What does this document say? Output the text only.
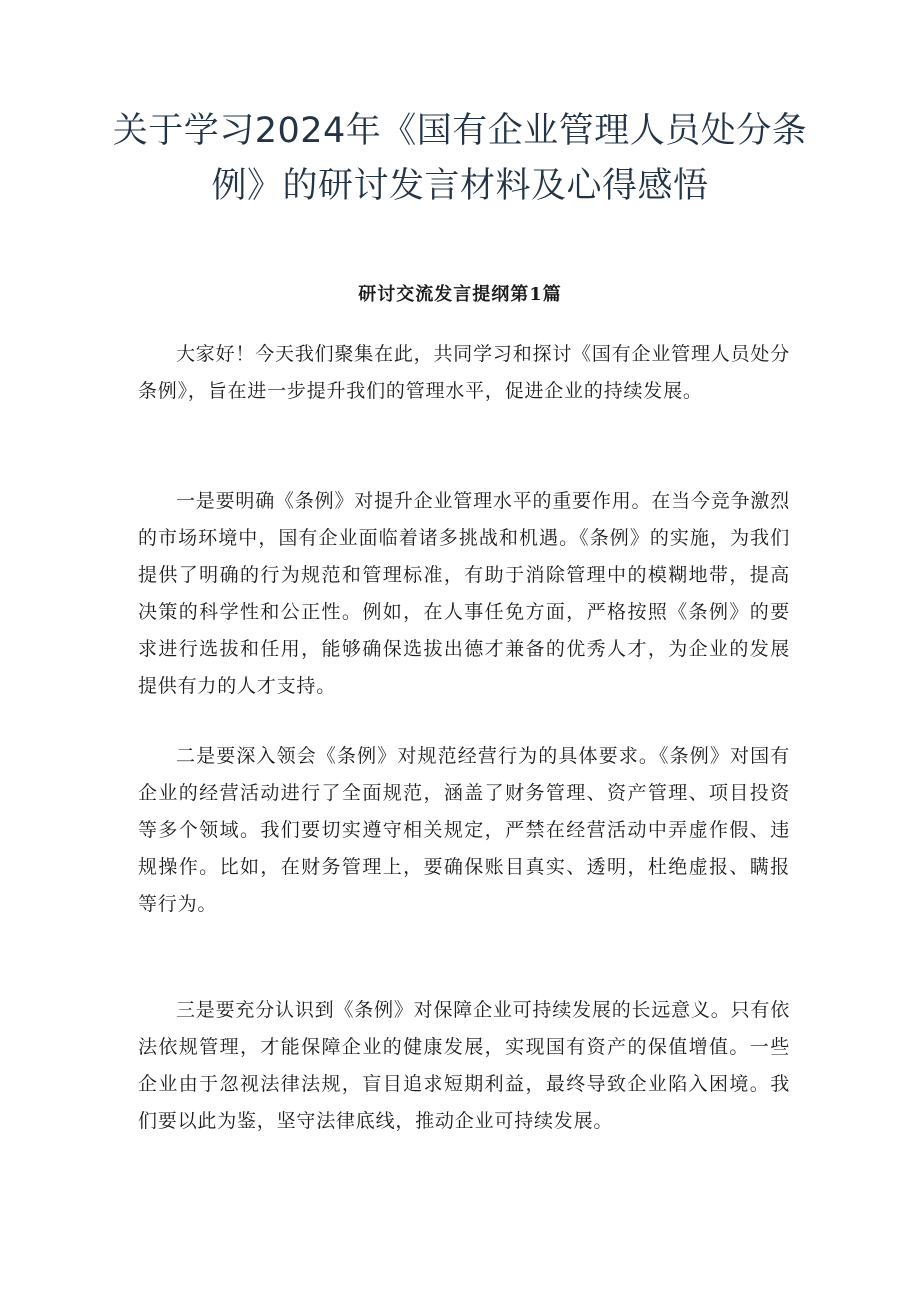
关于学习2024年《国有企业管理人员处分条例》的研讨发言材料及心得感悟
研讨交流发言提纲第1篇

大家好！今天我们聚集在此，共同学习和探讨《国有企业管理人员处分条例》，旨在进一步提升我们的管理水平，促进企业的持续发展。

一是要明确《条例》对提升企业管理水平的重要作用。在当今竞争激烈的市场环境中，国有企业面临着诸多挑战和机遇。《条例》的实施，为我们提供了明确的行为规范和管理标准，有助于消除管理中的模糊地带，提高决策的科学性和公正性。例如，在人事任免方面，严格按照《条例》的要求进行选拔和任用，能够确保选拔出德才兼备的优秀人才，为企业的发展提供有力的人才支持。

二是要深入领会《条例》对规范经营行为的具体要求。《条例》对国有企业的经营活动进行了全面规范，涵盖了财务管理、资产管理、项目投资等多个领域。我们要切实遵守相关规定，严禁在经营活动中弄虚作假、违规操作。比如，在财务管理上，要确保账目真实、透明，杜绝虚报、瞒报等行为。

三是要充分认识到《条例》对保障企业可持续发展的长远意义。只有依法依规管理，才能保障企业的健康发展，实现国有资产的保值增值。一些企业由于忽视法律法规，盲目追求短期利益，最终导致企业陷入困境。我们要以此为鉴，坚守法律底线，推动企业可持续发展。
